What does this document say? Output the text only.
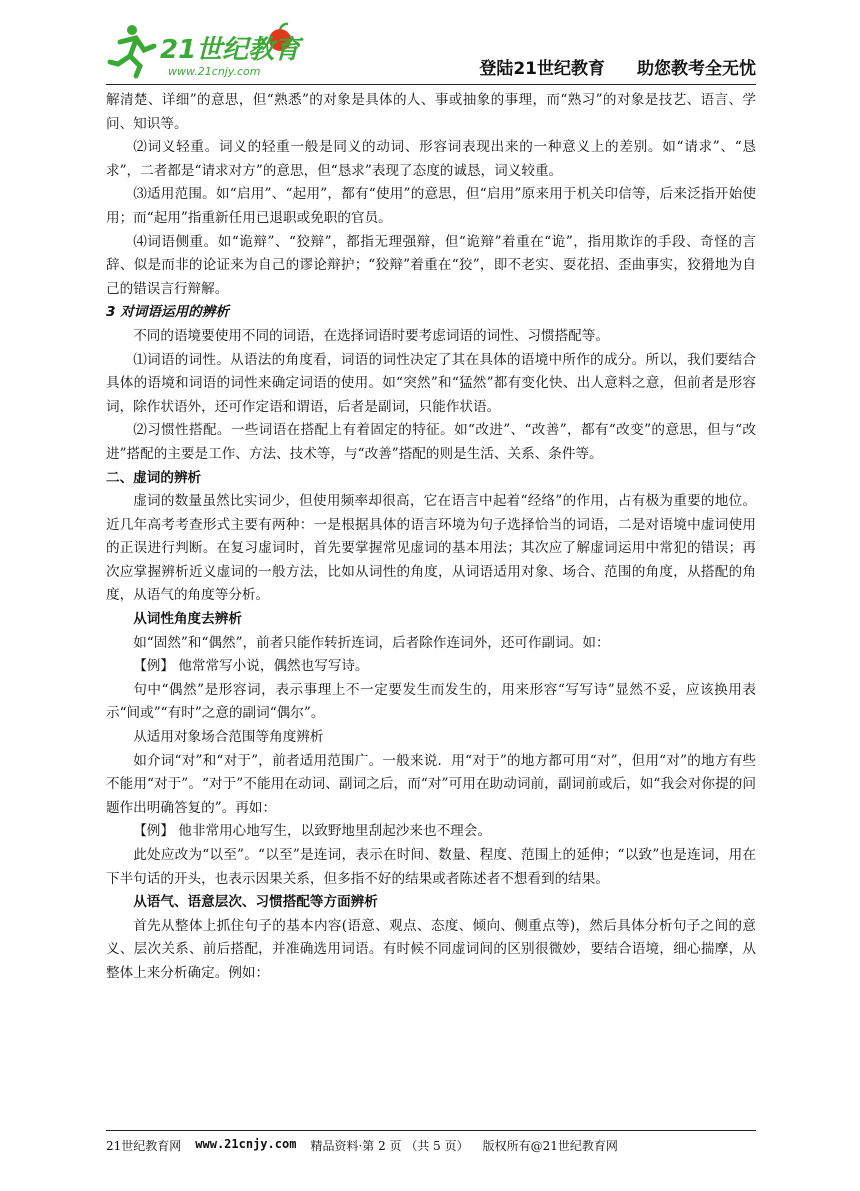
21世纪教育
www.21cnjy.com	登陆21世纪教育 助您教考全无忧

解清楚、详细”的意思，但“熟悉”的对象是具体的人、事或抽象的事理，而“熟习”的对象是技艺、语言、学问、知识等。

⑵词义轻重。词义的轻重一般是同义的动词、形容词表现出来的一种意义上的差别。如“请求”、“恳求”，二者都是“请求对方”的意思，但“恳求”表现了态度的诚恳，词义较重。

⑶适用范围。如“启用”、“起用”，都有“使用”的意思，但“启用”原来用于机关印信等，后来泛指开始使用；而“起用”指重新任用已退职或免职的官员。

⑷词语侧重。如“诡辩”、“狡辩”，都指无理强辩，但“诡辩”着重在“诡”，指用欺诈的手段、奇怪的言辞、似是而非的论证来为自己的谬论辩护；“狡辩”着重在“狡”，即不老实、耍花招、歪曲事实，狡猾地为自己的错误言行辩解。

3 对词语运用的辨析

不同的语境要使用不同的词语，在选择词语时要考虑词语的词性、习惯搭配等。

⑴词语的词性。从语法的角度看，词语的词性决定了其在具体的语境中所作的成分。所以，我们要结合具体的语境和词语的词性来确定词语的使用。如“突然”和“猛然”都有变化快、出人意料之意，但前者是形容词，除作状语外，还可作定语和谓语，后者是副词，只能作状语。

⑵习惯性搭配。一些词语在搭配上有着固定的特征。如“改进”、“改善”，都有“改变”的意思，但与“改进”搭配的主要是工作、方法、技术等，与“改善”搭配的则是生活、关系、条件等。

二、虚词的辨析

虚词的数量虽然比实词少，但使用频率却很高，它在语言中起着“经络”的作用，占有极为重要的地位。近几年高考考查形式主要有两种：一是根据具体的语言环境为句子选择恰当的词语，二是对语境中虚词使用的正误进行判断。在复习虚词时，首先要掌握常见虚词的基本用法；其次应了解虚词运用中常犯的错误；再次应掌握辨析近义虚词的一般方法，比如从词性的角度，从词语适用对象、场合、范围的角度，从搭配的角度，从语气的角度等分析。

从词性角度去辨析

如“固然”和“偶然”，前者只能作转折连词，后者除作连词外，还可作副词。如：

【例】 他常常写小说，偶然也写写诗。

句中“偶然”是形容词，表示事理上不一定要发生而发生的，用来形容“写写诗”显然不妥，应该换用表示“间或”“有时”之意的副词“偶尔”。

从适用对象场合范围等角度辨析

如介词“对”和“对于”，前者适用范围广。一般来说．用“对于”的地方都可用“对”，但用“对”的地方有些不能用“对于”。“对于”不能用在动词、副词之后，而“对”可用在助动词前，副词前或后，如“我会对你提的问题作出明确答复的”。再如：

【例】 他非常用心地写生，以致野地里刮起沙来也不理会。

此处应改为“以至”。“以至”是连词，表示在时间、数量、程度、范围上的延伸；“以致”也是连词，用在下半句话的开头，也表示因果关系，但多指不好的结果或者陈述者不想看到的结果。

从语气、语意层次、习惯搭配等方面辨析

首先从整体上抓住句子的基本内容(语意、观点、态度、倾向、侧重点等)，然后具体分析句子之间的意义、层次关系、前后搭配，并准确选用词语。有时候不同虚词间的区别很微妙，要结合语境，细心揣摩，从整体上来分析确定。例如：

21世纪教育网 www.21cnjy.com 精品资料·第 2 页 （共 5 页） 版权所有@21世纪教育网
